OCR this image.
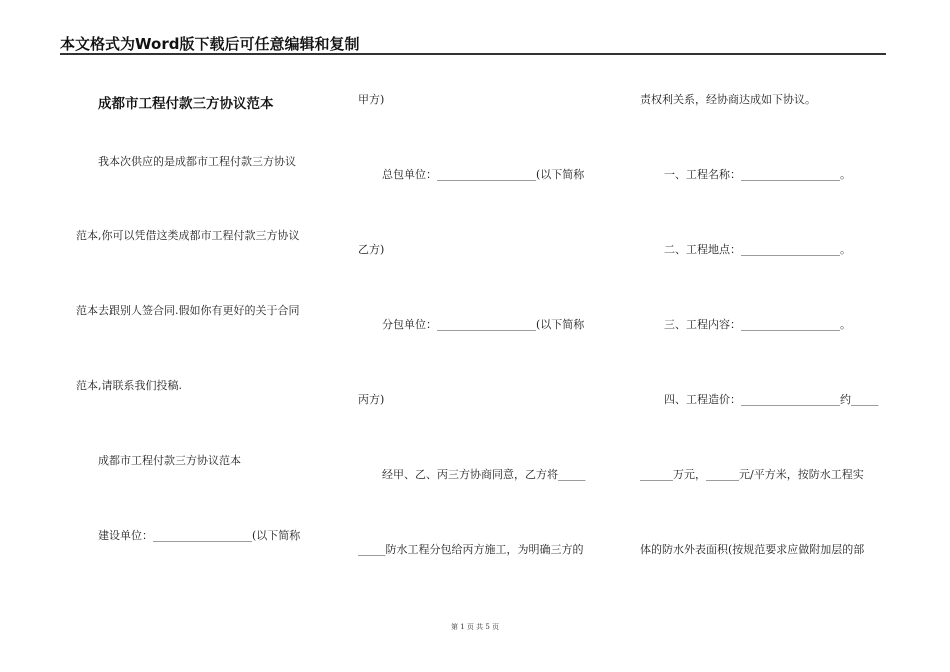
本文格式为Word版下载后可任意编辑和复制
成都市工程付款三方协议范本
我本次供应的是成都市工程付款三方协议
范本,你可以凭借这类成都市工程付款三方协议
范本去跟别人签合同.假如你有更好的关于合同
范本,请联系我们投稿.
成都市工程付款三方协议范本
建设单位：__________________(以下简称
甲方)
总包单位：__________________(以下简称
乙方)
分包单位：__________________(以下简称
丙方)
经甲、乙、丙三方协商同意，乙方将_____
_____防水工程分包给丙方施工，为明确三方的
责权利关系，经协商达成如下协议。
一、工程名称：__________________。
二、工程地点：__________________。
三、工程内容：__________________。
四、工程造价：__________________约_____
______万元，______元/平方米，按防水工程实
体的防水外表面积(按规范要求应做附加层的部
第 1 页 共 5 页
